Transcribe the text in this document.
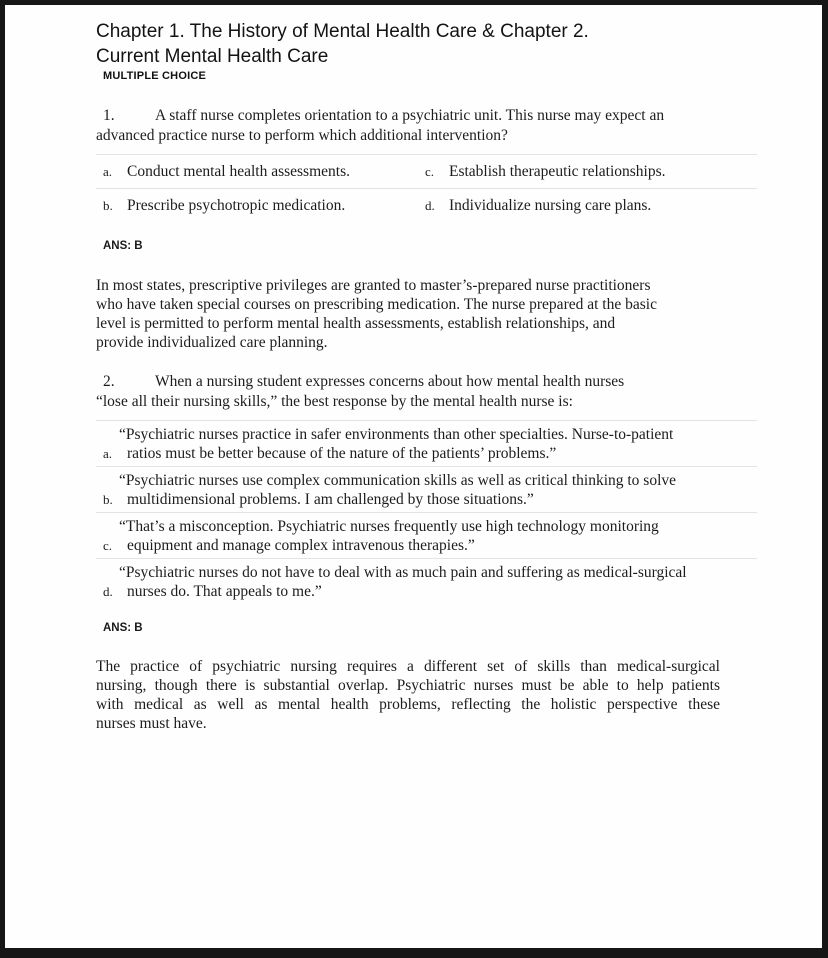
Chapter 1. The History of Mental Health Care & Chapter 2.
Current Mental Health Care
MULTIPLE CHOICE
1.	A staff nurse completes orientation to a psychiatric unit. This nurse may expect an
advanced practice nurse to perform which additional intervention?
a. Conduct mental health assessments.	c. Establish therapeutic relationships.
b. Prescribe psychotropic medication.	d. Individualize nursing care plans.
ANS: B
In most states, prescriptive privileges are granted to master’s-prepared nurse practitioners
who have taken special courses on prescribing medication. The nurse prepared at the basic
level is permitted to perform mental health assessments, establish relationships, and
provide individualized care planning.
2.	When a nursing student expresses concerns about how mental health nurses
“lose all their nursing skills,” the best response by the mental health nurse is:
a.
“Psychiatric nurses practice in safer environments than other specialties. Nurse-to-patient
ratios must be better because of the nature of the patients’ problems.”
b.
“Psychiatric nurses use complex communication skills as well as critical thinking to solve
multidimensional problems. I am challenged by those situations.”
c.
“That’s a misconception. Psychiatric nurses frequently use high technology monitoring
equipment and manage complex intravenous therapies.”
d.
“Psychiatric nurses do not have to deal with as much pain and suffering as medical-surgical
nurses do. That appeals to me.”
ANS: B
The practice of psychiatric nursing requires a different set of skills than medical-surgical
nursing, though there is substantial overlap. Psychiatric nurses must be able to help patients
with medical as well as mental health problems, reflecting the holistic perspective these
nurses must have.
